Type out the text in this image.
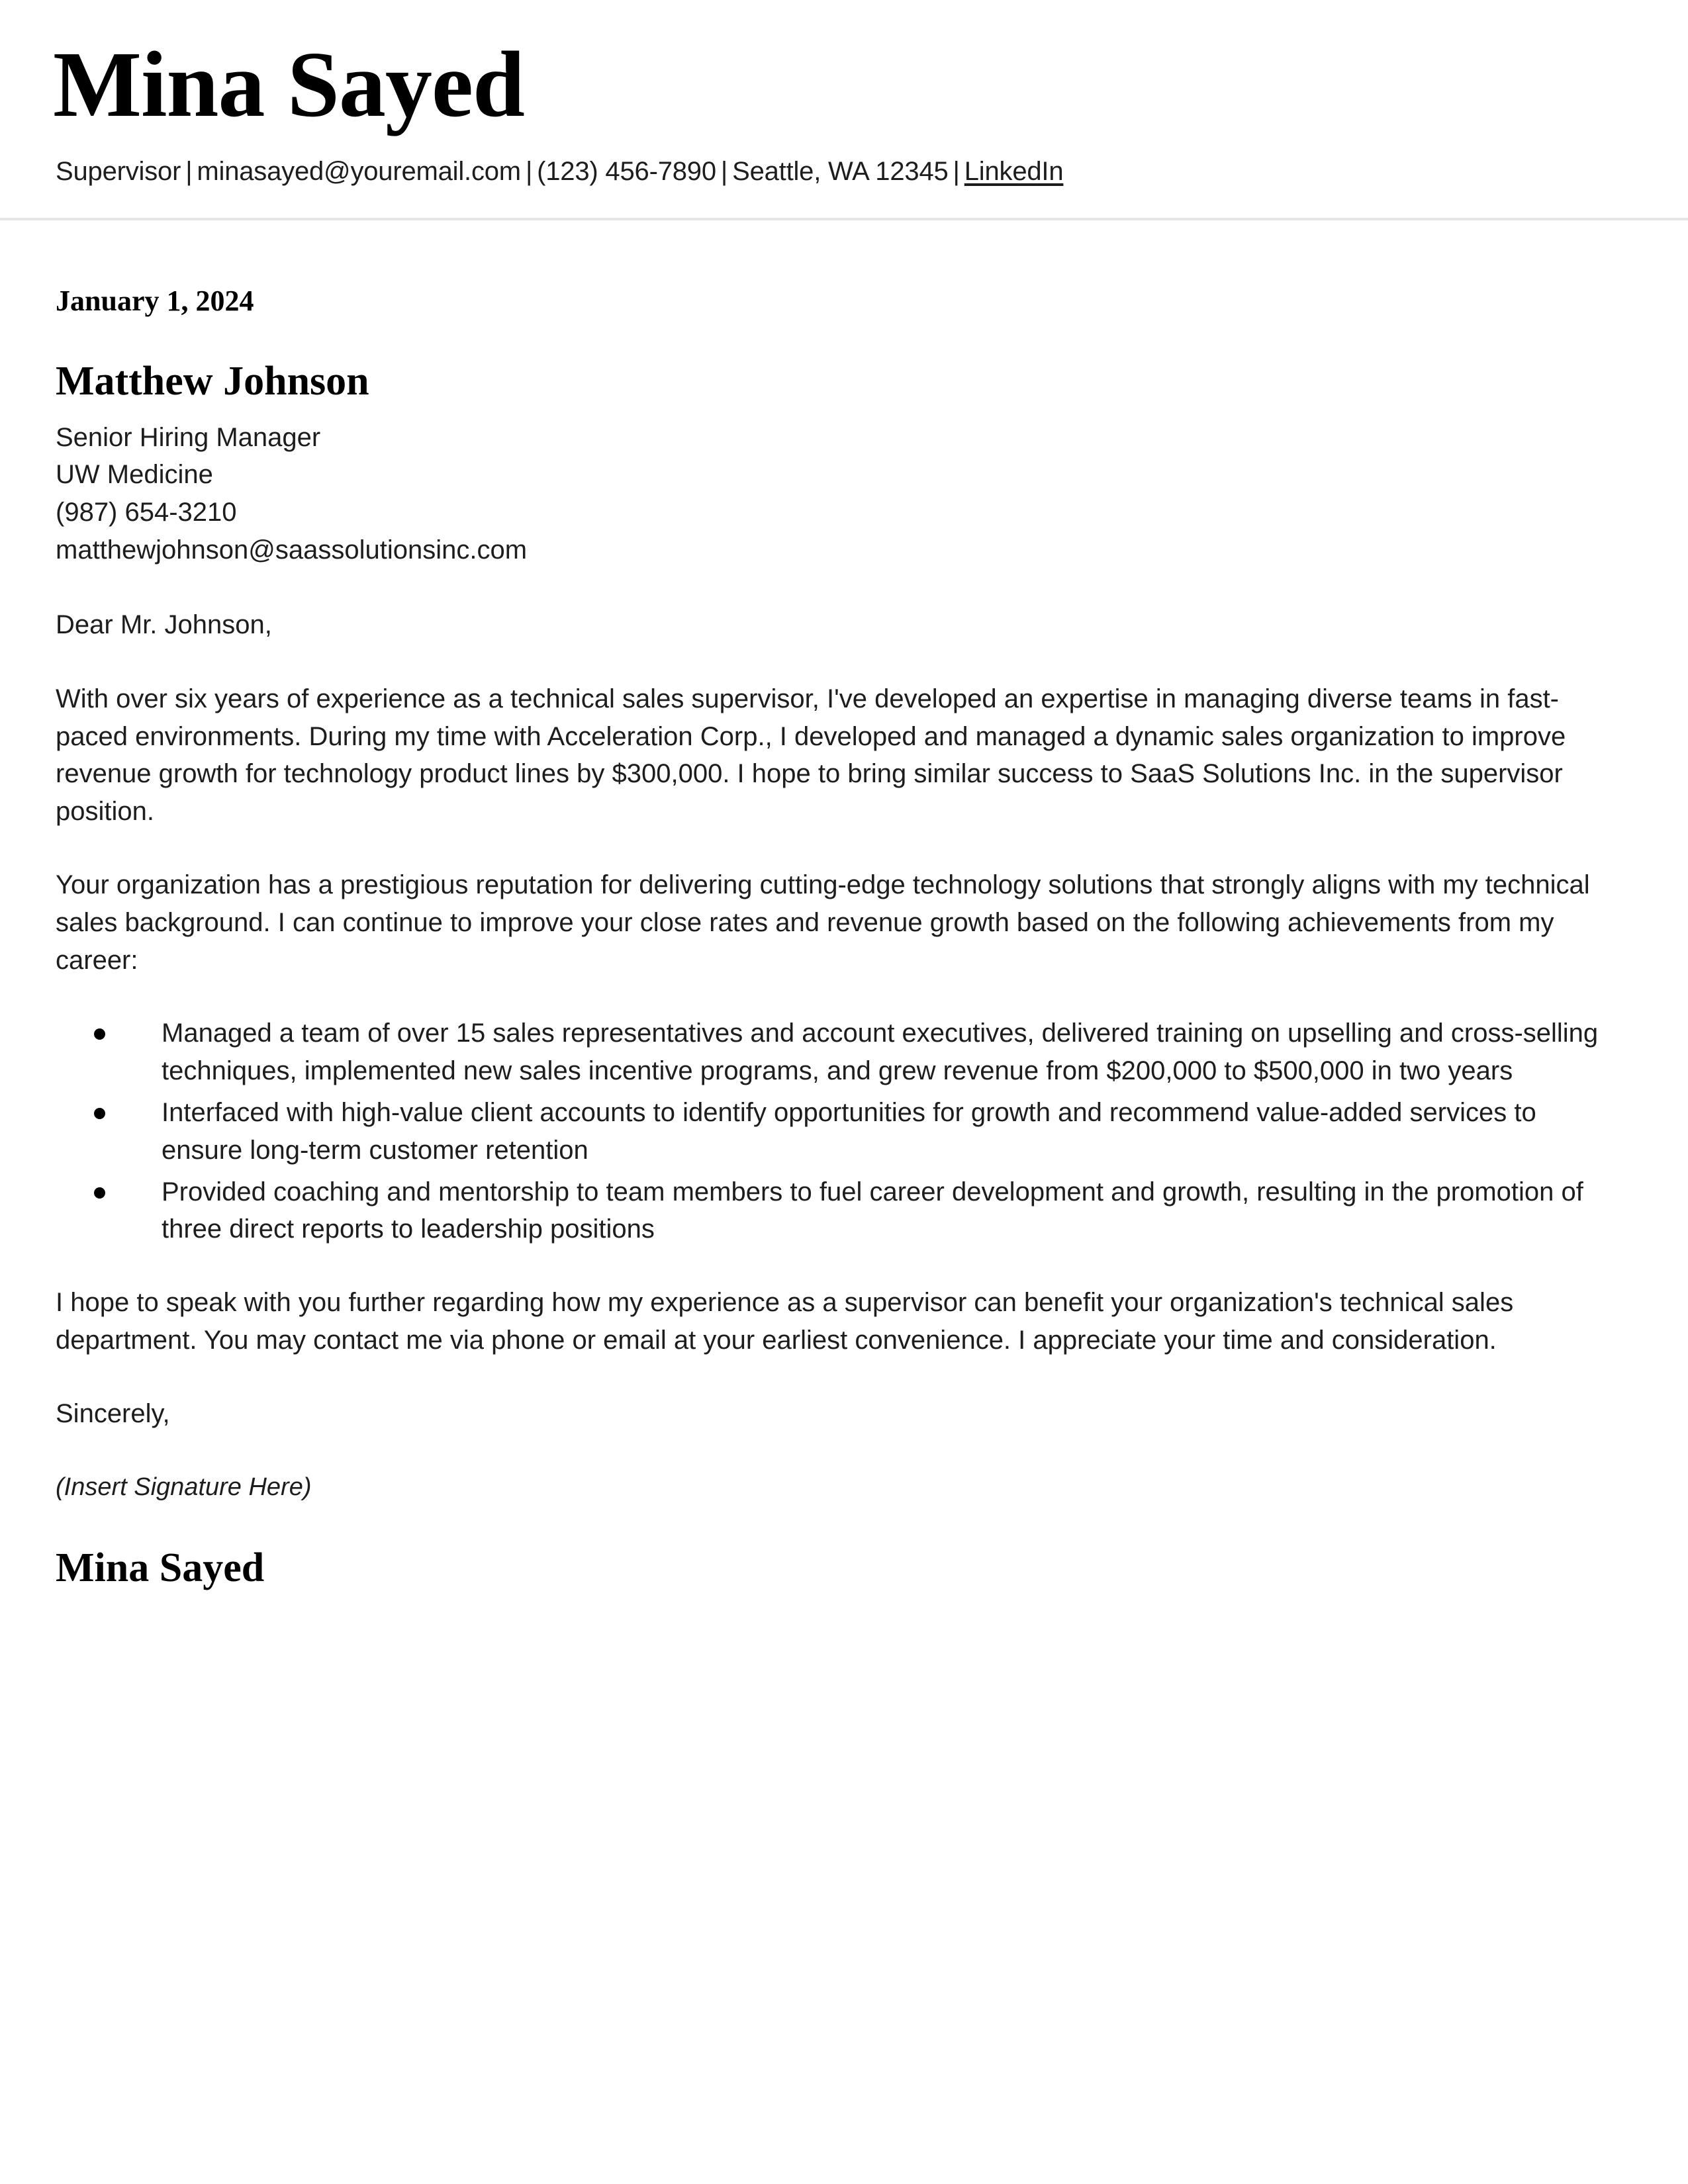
Mina Sayed
Supervisor | minasayed@youremail.com | (123) 456-7890 | Seattle, WA 12345 | LinkedIn
January 1, 2024
Matthew Johnson
Senior Hiring Manager
UW Medicine
(987) 654-3210
matthewjohnson@saassolutionsinc.com
Dear Mr. Johnson,

With over six years of experience as a technical sales supervisor, I've developed an expertise in managing diverse teams in fast-paced environments. During my time with Acceleration Corp., I developed and managed a dynamic sales organization to improve revenue growth for technology product lines by $300,000. I hope to bring similar success to SaaS Solutions Inc. in the supervisor position.

Your organization has a prestigious reputation for delivering cutting-edge technology solutions that strongly aligns with my technical sales background. I can continue to improve your close rates and revenue growth based on the following achievements from my career:

Managed a team of over 15 sales representatives and account executives, delivered training on upselling and cross-selling techniques, implemented new sales incentive programs, and grew revenue from $200,000 to $500,000 in two years
Interfaced with high-value client accounts to identify opportunities for growth and recommend value-added services to ensure long-term customer retention
Provided coaching and mentorship to team members to fuel career development and growth, resulting in the promotion of three direct reports to leadership positions

I hope to speak with you further regarding how my experience as a supervisor can benefit your organization's technical sales department. You may contact me via phone or email at your earliest convenience. I appreciate your time and consideration.

Sincerely,
(Insert Signature Here)
Mina Sayed
